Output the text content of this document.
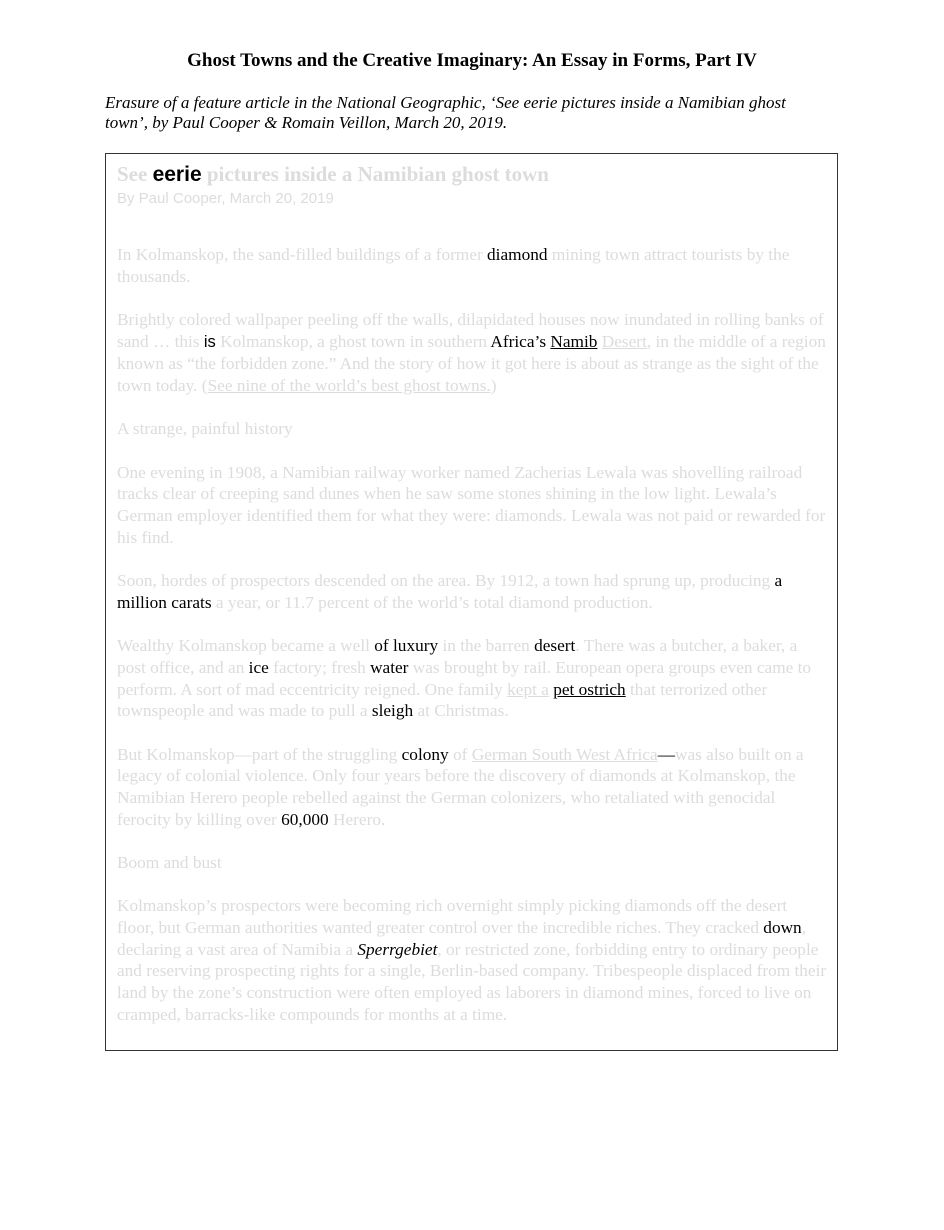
Ghost Towns and the Creative Imaginary: An Essay in Forms, Part IV
Erasure of a feature article in the National Geographic, ‘See eerie pictures inside a Namibian ghost town’, by Paul Cooper & Romain Veillon, March 20, 2019.
See eerie pictures inside a Namibian ghost town
By Paul Cooper, March 20, 2019

In Kolmanskop, the sand-filled buildings of a former diamond mining town attract tourists by the thousands.

Brightly colored wallpaper peeling off the walls, dilapidated houses now inundated in rolling banks of sand … this is Kolmanskop, a ghost town in southern Africa’s Namib Desert, in the middle of a region known as “the forbidden zone.” And the story of how it got here is about as strange as the sight of the town today. (See nine of the world’s best ghost towns.)

A strange, painful history

One evening in 1908, a Namibian railway worker named Zacherias Lewala was shovelling railroad tracks clear of creeping sand dunes when he saw some stones shining in the low light. Lewala’s German employer identified them for what they were: diamonds. Lewala was not paid or rewarded for his find.

Soon, hordes of prospectors descended on the area. By 1912, a town had sprung up, producing a million carats a year, or 11.7 percent of the world’s total diamond production.

Wealthy Kolmanskop became a well of luxury in the barren desert. There was a butcher, a baker, a post office, and an ice factory; fresh water was brought by rail. European opera groups even came to perform. A sort of mad eccentricity reigned. One family kept a pet ostrich that terrorized other townspeople and was made to pull a sleigh at Christmas.

But Kolmanskop—part of the struggling colony of German South West Africa—was also built on a legacy of colonial violence. Only four years before the discovery of diamonds at Kolmanskop, the Namibian Herero people rebelled against the German colonizers, who retaliated with genocidal ferocity by killing over 60,000 Herero.

Boom and bust

Kolmanskop’s prospectors were becoming rich overnight simply picking diamonds off the desert floor, but German authorities wanted greater control over the incredible riches. They cracked down, declaring a vast area of Namibia a Sperrgebiet, or restricted zone, forbidding entry to ordinary people and reserving prospecting rights for a single, Berlin-based company. Tribespeople displaced from their land by the zone’s construction were often employed as laborers in diamond mines, forced to live on cramped, barracks-like compounds for months at a time.
